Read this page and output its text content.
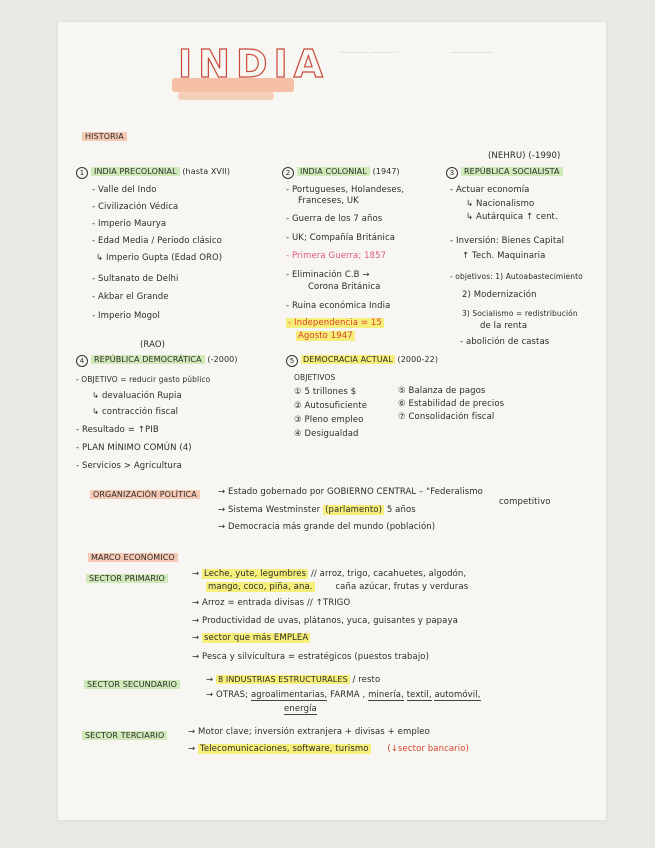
────── ───── ·	─────────
INDIA
HISTORIA
(NEHRU) (-1990)
1 INDIA PRECOLONIAL (hasta XVII)
- Valle del Indo
- Civilización Védica
- Imperio Maurya
- Edad Media / Periodo clásico
↳ Imperio Gupta (Edad ORO)
- Sultanato de Delhi
- Akbar el Grande
- Imperio Mogol
2 INDIA COLONIAL (1947)
- Portugueses, Holandeses,
Franceses, UK
- Guerra de los 7 años
- UK; Compañía Británica
- Primera Guerra; 1857
- Eliminación C.B →
Corona Británica
- Ruina económica India
- Independencia = 15
Agosto 1947
3 REPÚBLICA SOCIALISTA
- Actuar economía
↳ Nacionalismo
↳ Autárquica ↑ cent.
- Inversión: Bienes Capital
↑ Tech. Maquinaria
- objetivos: 1) Autoabastecimiento
2) Modernización
3) Socialismo = redistribución
de la renta
- abolición de castas
(RAO)
4 REPÚBLICA DEMOCRÁTICA (-2000)
- OBJETIVO = reducir gasto público
↳ devaluación Rupia
↳ contracción fiscal
- Resultado = ↑PIB
- PLAN MÍNIMO COMÚN (4)
- Servicios > Agricultura
5 DEMOCRACIA ACTUAL (2000-22)
OBJETIVOS
① 5 trillones $
② Autosuficiente
③ Pleno empleo
④ Desigualdad
⑤ Balanza de pagos
⑥ Estabilidad de precios
⑦ Consolidación fiscal
ORGANIZACIÓN POLÍTICA	→ Estado gobernado por GOBIERNO CENTRAL – "Federalismo
competitivo
→ Sistema Westminster (parlamento) 5 años
→ Democracia más grande del mundo (población)
MARCO ECONÓMICO
SECTOR PRIMARIO	→ Leche, yute, legumbres // arroz, trigo, cacahuetes, algodón,
mango, coco, piña, ana.	caña azúcar, frutas y verduras
→ Arroz = entrada divisas // ↑TRIGO
→ Productividad de uvas, plátanos, yuca, guisantes y papaya
→ sector que más EMPLEA
→ Pesca y silvicultura = estratégicos (puestos trabajo)
SECTOR SECUNDARIO	→ 8 INDUSTRIAS ESTRUCTURALES / resto
→ OTRAS; agroalimentarias, FARMA , minería, textil, automóvil,
energía
SECTOR TERCIARIO	→ Motor clave; inversión extranjera + divisas + empleo
→ Telecomunicaciones, software, turismo (↓sector bancario)
